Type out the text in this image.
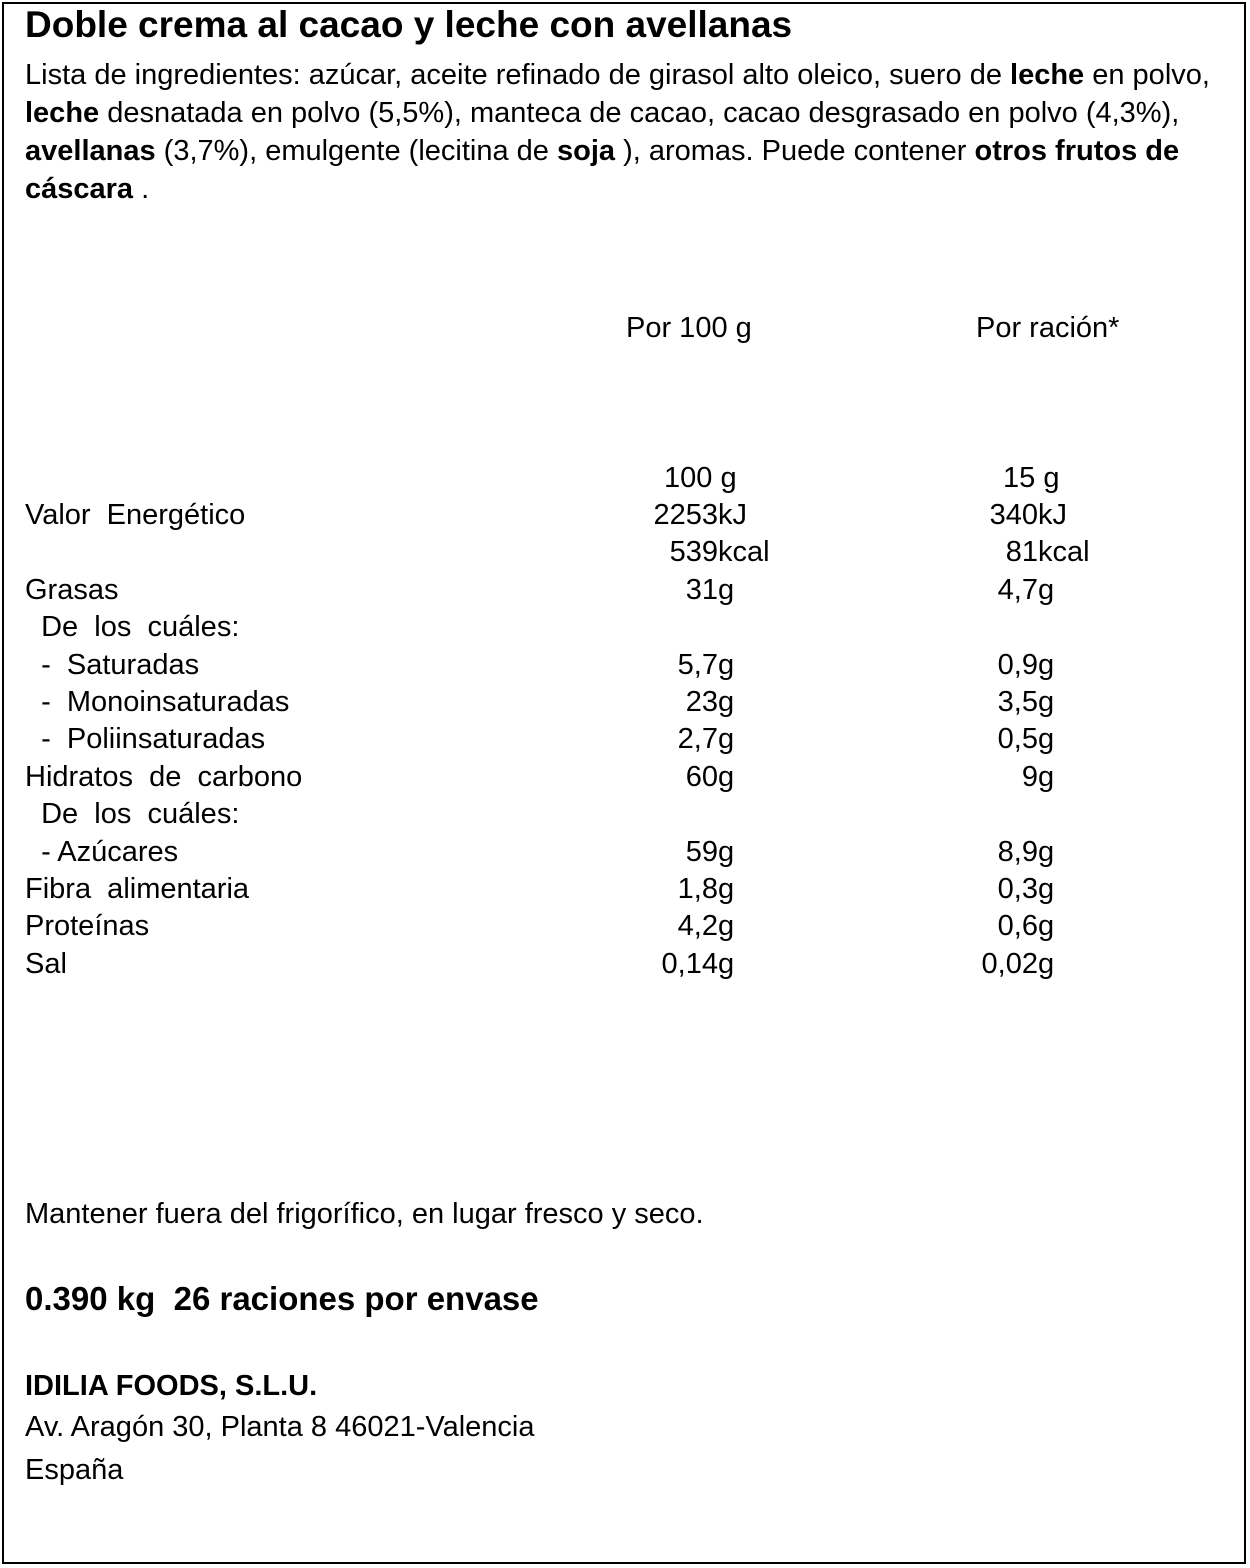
Doble crema al cacao y leche con avellanas
Lista de ingredientes: azúcar, aceite refinado de girasol alto oleico, suero de leche en polvo, leche desnatada en polvo (5,5%), manteca de cacao, cacao desgrasado en polvo (4,3%), avellanas (3,7%), emulgente (lecitina de soja ), aromas. Puede contener otros frutos de cáscara .
Por 100 g	Por ración*
100 g	15 g
Valor  Energético	2253 kJ	340 kJ
539 kcal	81 kcal
Grasas	31 g	4,7 g
De  los  cuáles:
-  Saturadas	5,7 g	0,9 g
-  Monoinsaturadas	23 g	3,5 g
-  Poliinsaturadas	2,7 g	0,5 g
Hidratos  de  carbono	60 g	9 g
De  los  cuáles:
- Azúcares	59 g	8,9 g
Fibra  alimentaria	1,8 g	0,3 g
Proteínas	4,2 g	0,6 g
Sal	0,14 g	0,02 g
Mantener fuera del frigorífico, en lugar fresco y seco.
0.390 kg  26 raciones por envase
IDILIA FOODS, S.L.U.
Av. Aragón 30, Planta 8 46021-Valencia
España
